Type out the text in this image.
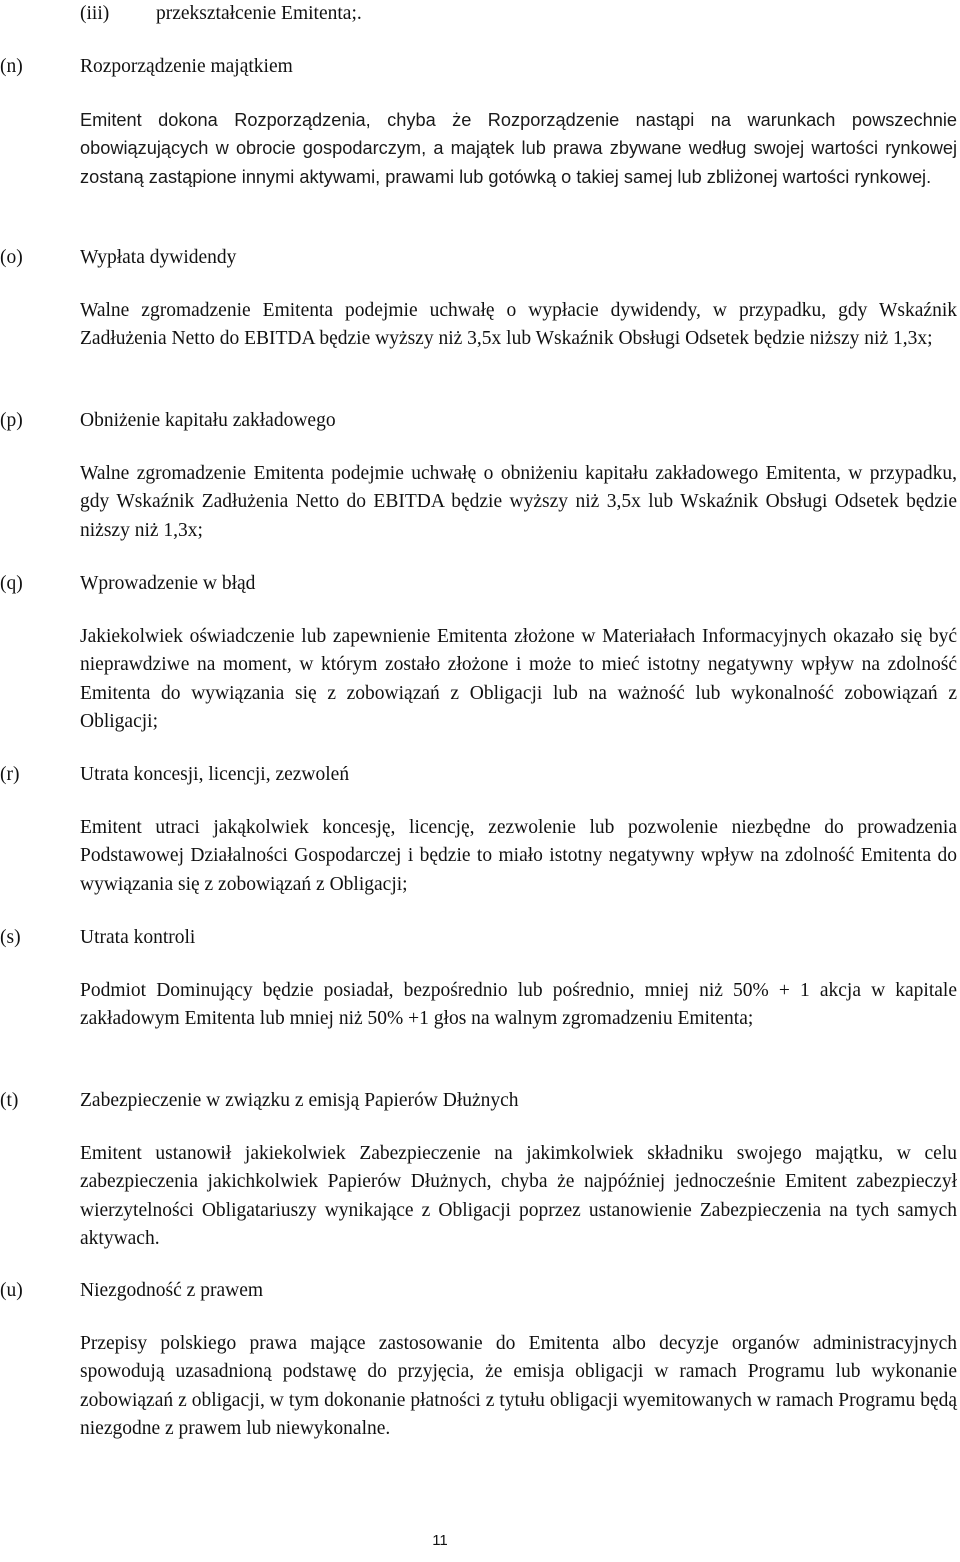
(iii) przekształcenie Emitenta;.
(n)	Rozporządzenie majątkiem
Emitent dokona Rozporządzenia, chyba że Rozporządzenie nastąpi na warunkach powszechnie obowiązujących w obrocie gospodarczym, a majątek lub prawa zbywane według swojej wartości rynkowej zostaną zastąpione innymi aktywami, prawami lub gotówką o takiej samej lub zbliżonej wartości rynkowej.
(o)	Wypłata dywidendy
Walne zgromadzenie Emitenta podejmie uchwałę o wypłacie dywidendy, w przypadku, gdy Wskaźnik Zadłużenia Netto do EBITDA będzie wyższy niż 3,5x lub Wskaźnik Obsługi Odsetek będzie niższy niż 1,3x;
(p)	Obniżenie kapitału zakładowego
Walne zgromadzenie Emitenta podejmie uchwałę o obniżeniu kapitału zakładowego Emitenta, w przypadku, gdy Wskaźnik Zadłużenia Netto do EBITDA będzie wyższy niż 3,5x lub Wskaźnik Obsługi Odsetek będzie niższy niż 1,3x;
(q)	Wprowadzenie w błąd
Jakiekolwiek oświadczenie lub zapewnienie Emitenta złożone w Materiałach Informacyjnych okazało się być nieprawdziwe na moment, w którym zostało złożone i może to mieć istotny negatywny wpływ na zdolność Emitenta do wywiązania się z zobowiązań z Obligacji lub na ważność lub wykonalność zobowiązań z Obligacji;
(r)	Utrata koncesji, licencji, zezwoleń
Emitent utraci jakąkolwiek koncesję, licencję, zezwolenie lub pozwolenie niezbędne do prowadzenia Podstawowej Działalności Gospodarczej i będzie to miało istotny negatywny wpływ na zdolność Emitenta do wywiązania się z zobowiązań z Obligacji;
(s)	Utrata kontroli
Podmiot Dominujący będzie posiadał, bezpośrednio lub pośrednio, mniej niż 50% + 1 akcja w kapitale zakładowym Emitenta lub mniej niż 50% +1 głos na walnym zgromadzeniu Emitenta;
(t)	Zabezpieczenie w związku z emisją Papierów Dłużnych
Emitent ustanowił jakiekolwiek Zabezpieczenie na jakimkolwiek składniku swojego majątku, w celu zabezpieczenia jakichkolwiek Papierów Dłużnych, chyba że najpóźniej jednocześnie Emitent zabezpieczył wierzytelności Obligatariuszy wynikające z Obligacji poprzez ustanowienie Zabezpieczenia na tych samych aktywach.
(u)	Niezgodność z prawem
Przepisy polskiego prawa mające zastosowanie do Emitenta albo decyzje organów administracyjnych spowodują uzasadnioną podstawę do przyjęcia, że emisja obligacji w ramach Programu lub wykonanie zobowiązań z obligacji, w tym dokonanie płatności z tytułu obligacji wyemitowanych w ramach Programu będą niezgodne z prawem lub niewykonalne.
11
